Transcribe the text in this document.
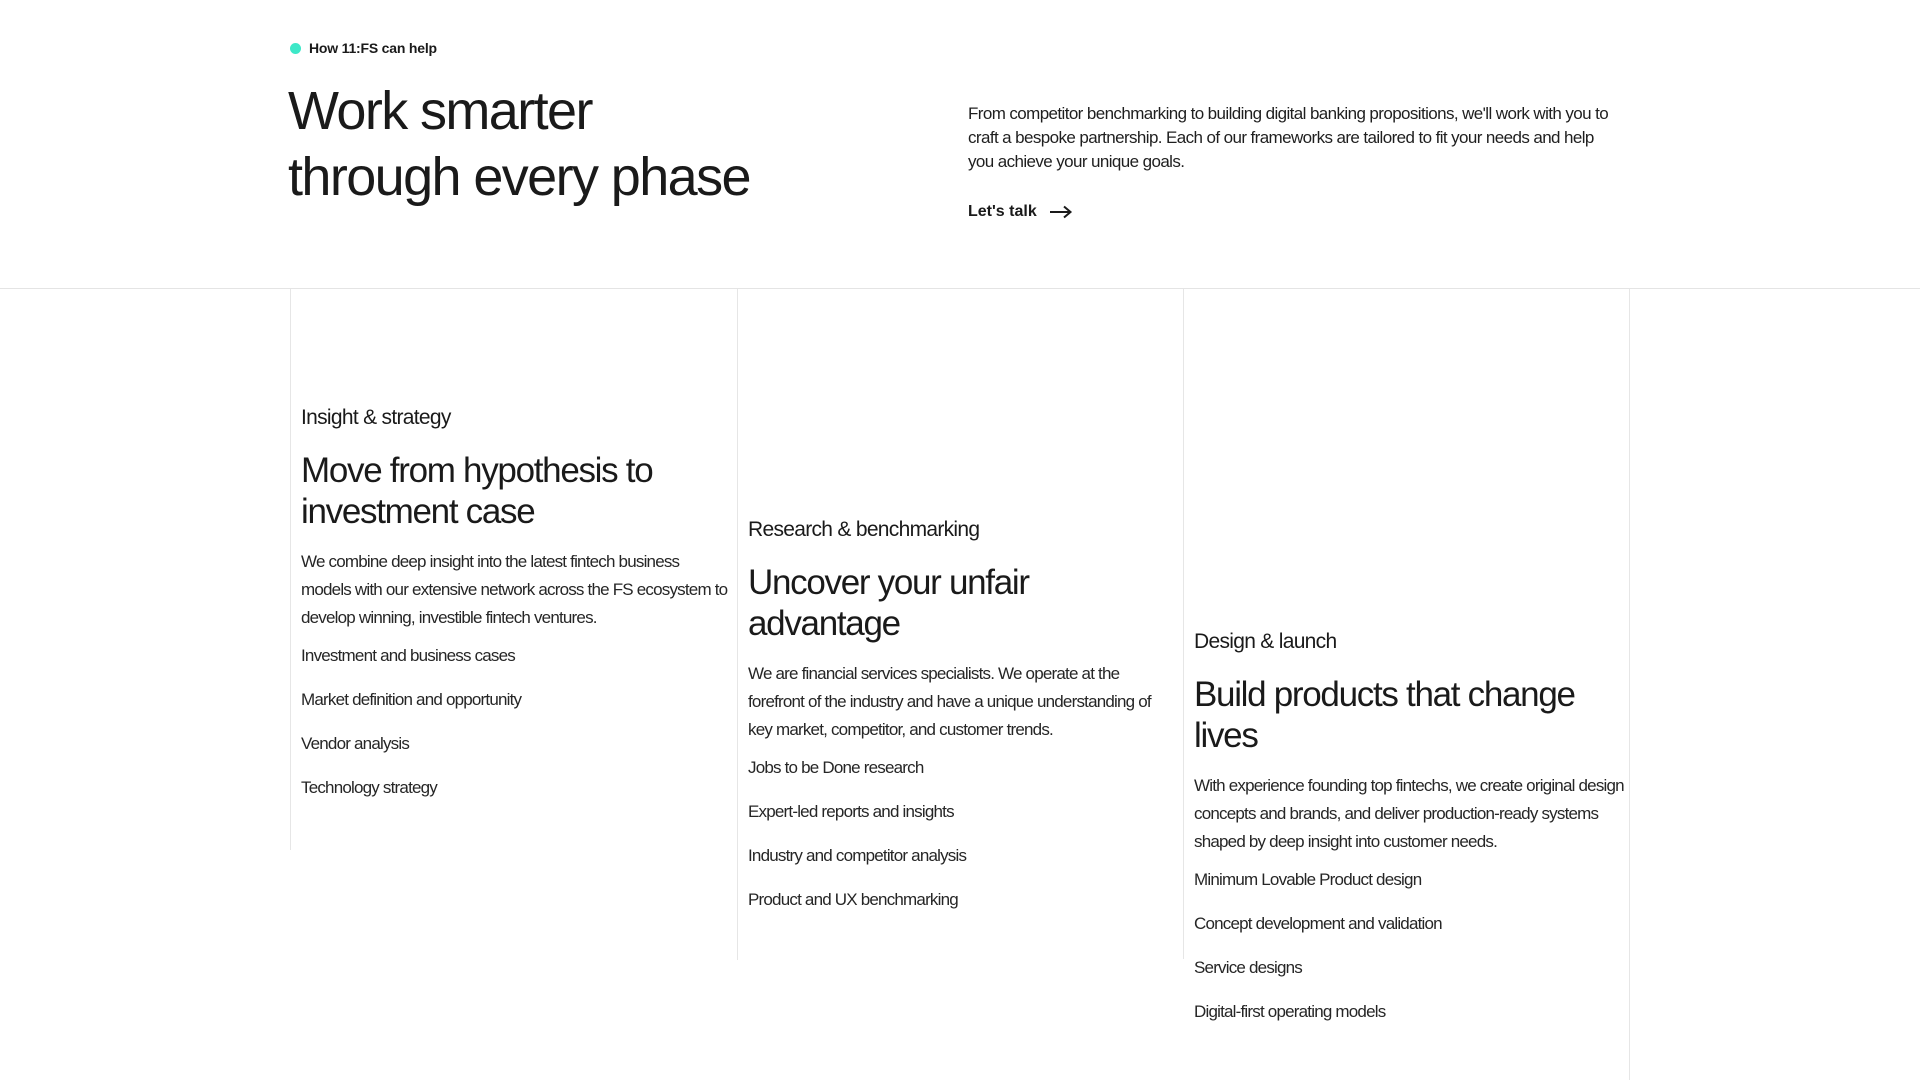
How 11:FS can help
Work smarter
through every phase

From competitor benchmarking to building digital banking propositions, we'll work with you to craft a bespoke partnership. Each of our frameworks are tailored to fit your needs and help you achieve your unique goals.

Let's talk
Insight & strategy
Move from hypothesis to investment case

We combine deep insight into the latest fintech business models with our extensive network across the FS ecosystem to develop winning, investible fintech ventures.

Investment and business cases
Market definition and opportunity
Vendor analysis
Technology strategy
Research & benchmarking
Uncover your unfair advantage

We are financial services specialists. We operate at the forefront of the industry and have a unique understanding of key market, competitor, and customer trends.

Jobs to be Done research
Expert-led reports and insights
Industry and competitor analysis
Product and UX benchmarking
Design & launch
Build products that change lives

With experience founding top fintechs, we create original design concepts and brands, and deliver production-ready systems shaped by deep insight into customer needs.

Minimum Lovable Product design
Concept development and validation
Service designs
Digital-first operating models
